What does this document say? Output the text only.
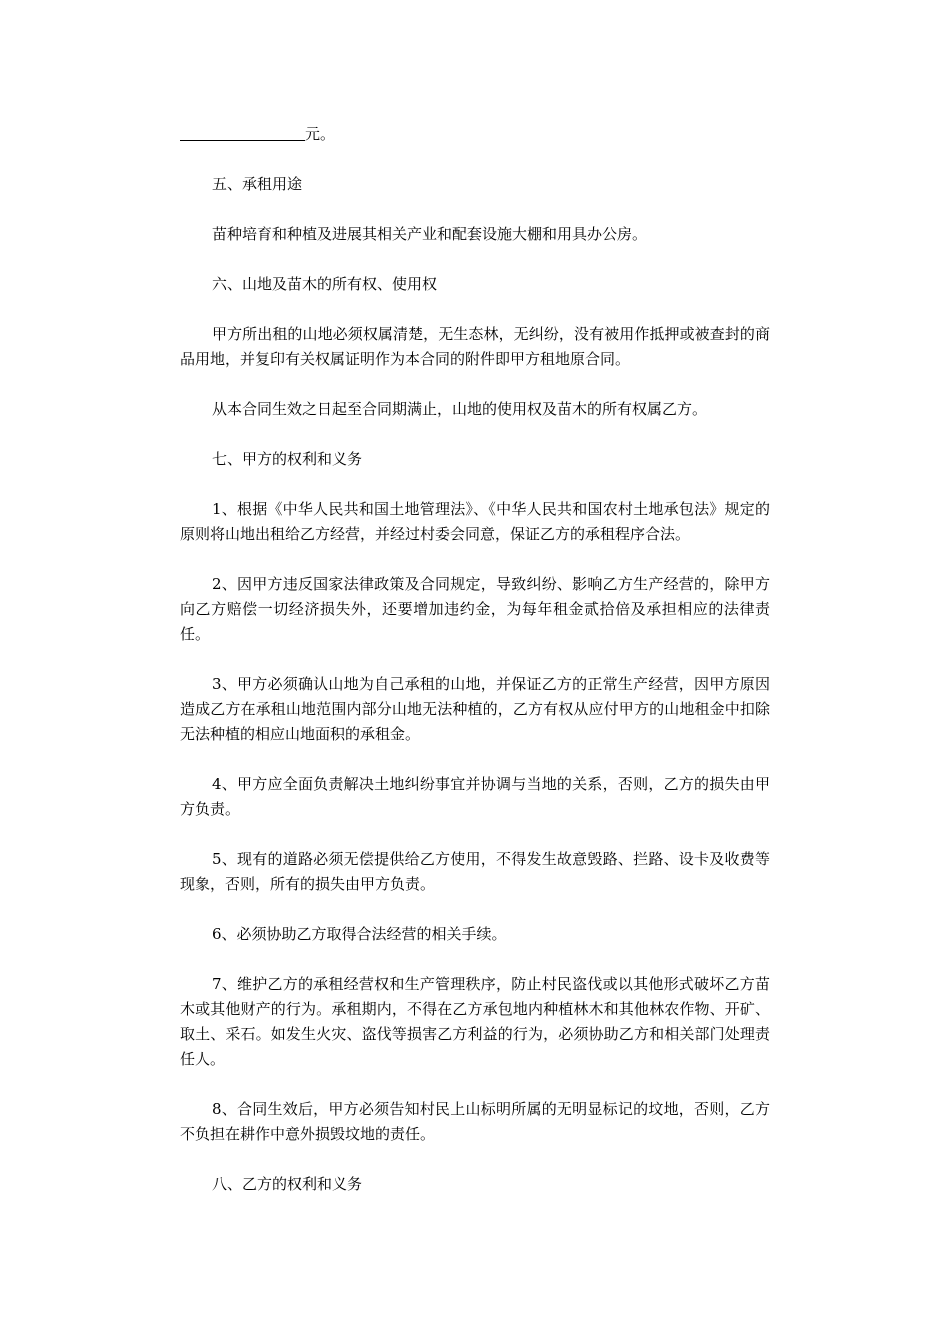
元。

五、承租用途

苗种培育和种植及进展其相关产业和配套设施大棚和用具办公房。

六、山地及苗木的所有权、使用权

甲方所出租的山地必须权属清楚，无生态林，无纠纷，没有被用作抵押或被查封的商品用地，并复印有关权属证明作为本合同的附件即甲方租地原合同。

从本合同生效之日起至合同期满止，山地的使用权及苗木的所有权属乙方。

七、甲方的权利和义务

1、根据《中华人民共和国土地管理法》、《中华人民共和国农村土地承包法》规定的原则将山地出租给乙方经营，并经过村委会同意，保证乙方的承租程序合法。

2、因甲方违反国家法律政策及合同规定，导致纠纷、影响乙方生产经营的，除甲方向乙方赔偿一切经济损失外，还要增加违约金，为每年租金贰拾倍及承担相应的法律责任。

3、甲方必须确认山地为自己承租的山地，并保证乙方的正常生产经营，因甲方原因造成乙方在承租山地范围内部分山地无法种植的，乙方有权从应付甲方的山地租金中扣除无法种植的相应山地面积的承租金。

4、甲方应全面负责解决土地纠纷事宜并协调与当地的关系，否则，乙方的损失由甲方负责。

5、现有的道路必须无偿提供给乙方使用，不得发生故意毁路、拦路、设卡及收费等现象，否则，所有的损失由甲方负责。

6、必须协助乙方取得合法经营的相关手续。

7、维护乙方的承租经营权和生产管理秩序，防止村民盗伐或以其他形式破坏乙方苗木或其他财产的行为。承租期内，不得在乙方承包地内种植林木和其他林农作物、开矿、取土、采石。如发生火灾、盗伐等损害乙方利益的行为，必须协助乙方和相关部门处理责任人。

8、合同生效后，甲方必须告知村民上山标明所属的无明显标记的坟地，否则，乙方不负担在耕作中意外损毁坟地的责任。

八、乙方的权利和义务
